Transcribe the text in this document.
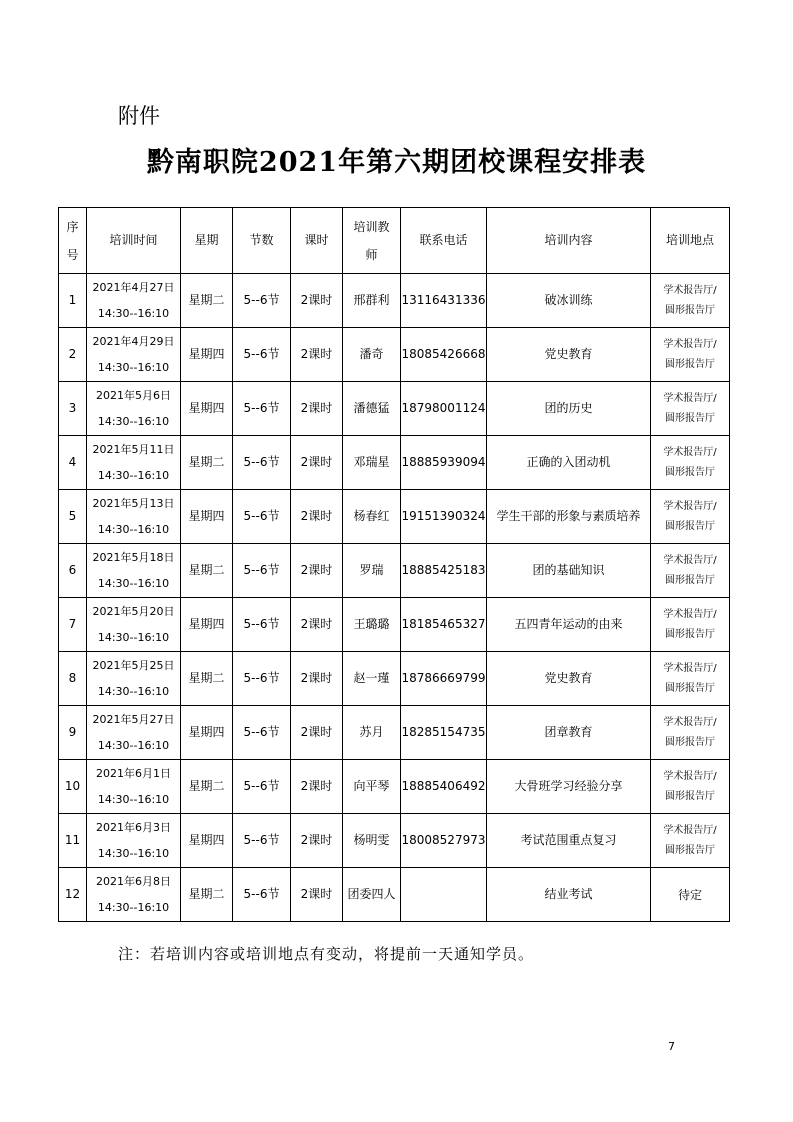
附件
黔南职院2021年第六期团校课程安排表
序
号	培训时间	星期	节数	课时	培训教
师	联系电话	培训内容	培训地点
1	2021年4月27日
14:30--16:10	星期二	5--6节	2课时	邢群利	13116431336	破冰训练	学术报告厅/
圆形报告厅

2	2021年4月29日
14:30--16:10	星期四	5--6节	2课时	潘奇	18085426668	党史教育	学术报告厅/
圆形报告厅

3	2021年5月6日
14:30--16:10	星期四	5--6节	2课时	潘德猛	18798001124	团的历史	学术报告厅/
圆形报告厅

4	2021年5月11日
14:30--16:10	星期二	5--6节	2课时	邓瑞星	18885939094	正确的入团动机	学术报告厅/
圆形报告厅

5	2021年5月13日
14:30--16:10	星期四	5--6节	2课时	杨春红	19151390324	学生干部的形象与素质培养	学术报告厅/
圆形报告厅

6	2021年5月18日
14:30--16:10	星期二	5--6节	2课时	罗瑞	18885425183	团的基础知识	学术报告厅/
圆形报告厅

7	2021年5月20日
14:30--16:10	星期四	5--6节	2课时	王璐璐	18185465327	五四青年运动的由来	学术报告厅/
圆形报告厅

8	2021年5月25日
14:30--16:10	星期二	5--6节	2课时	赵一瑾	18786669799	党史教育	学术报告厅/
圆形报告厅

9	2021年5月27日
14:30--16:10	星期四	5--6节	2课时	苏月	18285154735	团章教育	学术报告厅/
圆形报告厅

10	2021年6月1日
14:30--16:10	星期二	5--6节	2课时	向平琴	18885406492	大骨班学习经验分享	学术报告厅/
圆形报告厅

11	2021年6月3日
14:30--16:10	星期四	5--6节	2课时	杨明雯	18008527973	考试范围重点复习	学术报告厅/
圆形报告厅

12	2021年6月8日
14:30--16:10	星期二	5--6节	2课时	团委四人		结业考试	待定
注：若培训内容或培训地点有变动，将提前一天通知学员。
7
